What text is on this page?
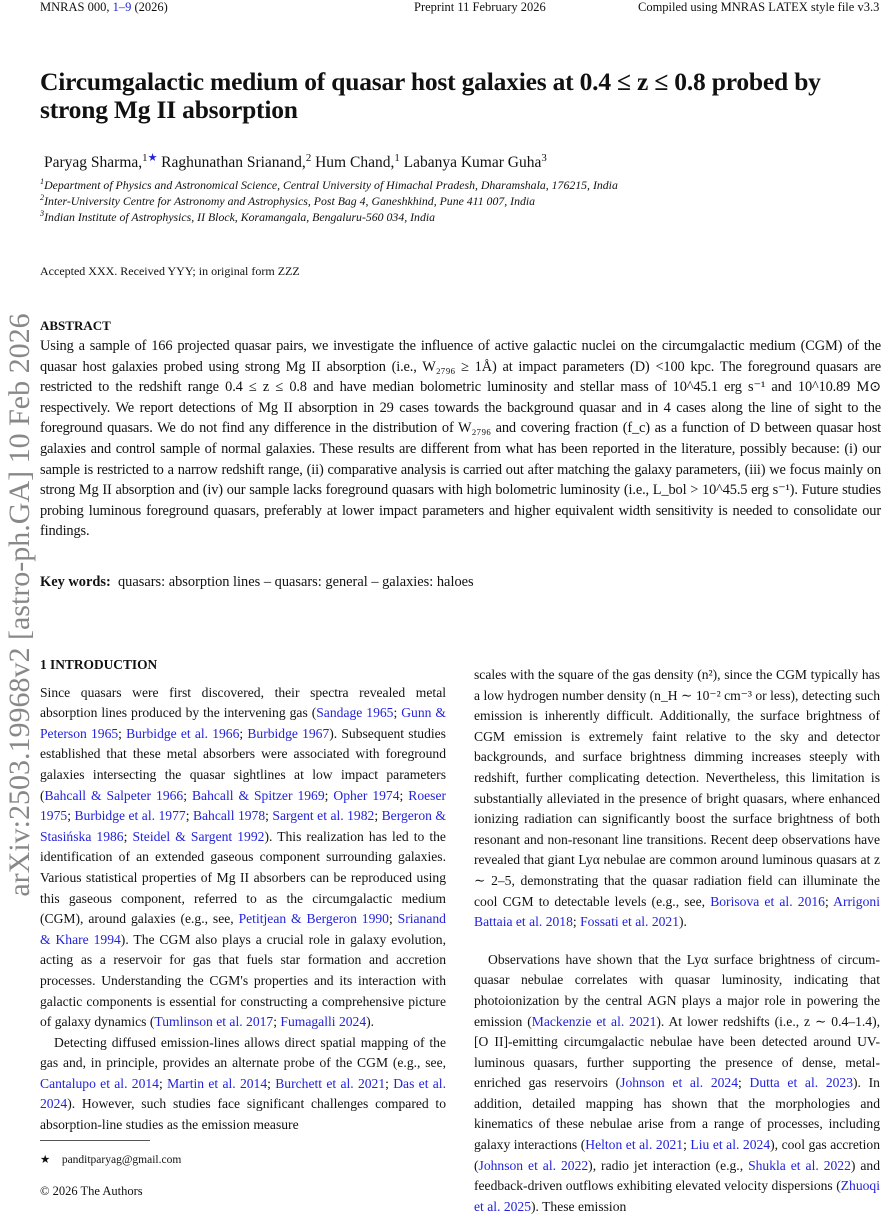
MNRAS 000, 1–9 (2026)	Preprint 11 February 2026	Compiled using MNRAS LATEX style file v3.3
Circumgalactic medium of quasar host galaxies at 0.4 ≤ z ≤ 0.8 probed by strong Mg II absorption
Paryag Sharma,$^{1★}$ Raghunathan Srianand,$^2$ Hum Chand,$^1$ Labanya Kumar Guha$^3$
$^1$Department of Physics and Astronomical Science, Central University of Himachal Pradesh, Dharamshala, 176215, India
$^2$Inter-University Centre for Astronomy and Astrophysics, Post Bag 4, Ganeshkhind, Pune 411 007, India
$^3$Indian Institute of Astrophysics, II Block, Koramangala, Bengaluru-560 034, India
Accepted XXX. Received YYY; in original form ZZZ
ABSTRACT
Using a sample of 166 projected quasar pairs, we investigate the influence of active galactic nuclei on the circumgalactic medium (CGM) of the quasar host galaxies probed using strong Mg II absorption (i.e., W₂₇₉₆ ≥ 1Å) at impact parameters (D) <100 kpc. The foreground quasars are restricted to the redshift range 0.4 ≤ z ≤ 0.8 and have median bolometric luminosity and stellar mass of 10^45.1 erg s⁻¹ and 10^10.89 M⊙ respectively. We report detections of Mg II absorption in 29 cases towards the background quasar and in 4 cases along the line of sight to the foreground quasars. We do not find any difference in the distribution of W₂₇₉₆ and covering fraction (f_c) as a function of D between quasar host galaxies and control sample of normal galaxies. These results are different from what has been reported in the literature, possibly because: (i) our sample is restricted to a narrow redshift range, (ii) comparative analysis is carried out after matching the galaxy parameters, (iii) we focus mainly on strong Mg II absorption and (iv) our sample lacks foreground quasars with high bolometric luminosity (i.e., L_bol > 10^45.5 erg s⁻¹). Future studies probing luminous foreground quasars, preferably at lower impact parameters and higher equivalent width sensitivity is needed to consolidate our findings.
Key words: quasars: absorption lines – quasars: general – galaxies: haloes
arXiv:2503.19968v2 [astro-ph.GA] 10 Feb 2026 1 INTRODUCTION

Since quasars were first discovered, their spectra revealed metal absorption lines produced by the intervening gas (Sandage 1965; Gunn & Peterson 1965; Burbidge et al. 1966; Burbidge 1967). Subsequent studies established that these metal absorbers were associated with foreground galaxies intersecting the quasar sightlines at low impact parameters (Bahcall & Salpeter 1966; Bahcall & Spitzer 1969; Opher 1974; Roeser 1975; Burbidge et al. 1977; Bahcall 1978; Sargent et al. 1982; Bergeron & Stasińska 1986; Steidel & Sargent 1992). This realization has led to the identification of an extended gaseous component surrounding galaxies. Various statistical properties of Mg II absorbers can be reproduced using this gaseous component, referred to as the circumgalactic medium (CGM), around galaxies (e.g., see, Petitjean & Bergeron 1990; Srianand & Khare 1994). The CGM also plays a crucial role in galaxy evolution, acting as a reservoir for gas that fuels star formation and accretion processes. Understanding the CGM's properties and its interaction with galactic components is essential for constructing a comprehensive picture of galaxy dynamics (Tumlinson et al. 2017; Fumagalli 2024).

Detecting diffused emission-lines allows direct spatial mapping of the gas and, in principle, provides an alternate probe of the CGM (e.g., see, Cantalupo et al. 2014; Martin et al. 2014; Burchett et al. 2021; Das et al. 2024). However, such studies face significant challenges compared to absorption-line studies as the emission measure

scales with the square of the gas density (n²), since the CGM typically has a low hydrogen number density (n_H ∼ 10⁻² cm⁻³ or less), detecting such emission is inherently difficult. Additionally, the surface brightness of CGM emission is extremely faint relative to the sky and detector backgrounds, and surface brightness dimming increases steeply with redshift, further complicating detection. Nevertheless, this limitation is substantially alleviated in the presence of bright quasars, where enhanced ionizing radiation can significantly boost the surface brightness of both resonant and non-resonant line transitions. Recent deep observations have revealed that giant Lyα nebulae are common around luminous quasars at z ∼ 2–5, demonstrating that the quasar radiation field can illuminate the cool CGM to detectable levels (e.g., see, Borisova et al. 2016; Arrigoni Battaia et al. 2018; Fossati et al. 2021).

Observations have shown that the Lyα surface brightness of circum-quasar nebulae correlates with quasar luminosity, indicating that photoionization by the central AGN plays a major role in powering the emission (Mackenzie et al. 2021). At lower redshifts (i.e., z ∼ 0.4–1.4), [O II]-emitting circumgalactic nebulae have been detected around UV-luminous quasars, further supporting the presence of dense, metal-enriched gas reservoirs (Johnson et al. 2024; Dutta et al. 2023). In addition, detailed mapping has shown that the morphologies and kinematics of these nebulae arise from a range of processes, including galaxy interactions (Helton et al. 2021; Liu et al. 2024), cool gas accretion (Johnson et al. 2022), radio jet interaction (e.g., Shukla et al. 2022) and feedback-driven outflows exhibiting elevated velocity dispersions (Zhuoqi et al. 2025). These emission

★ panditparyag@gmail.com
© 2026 The Authors
